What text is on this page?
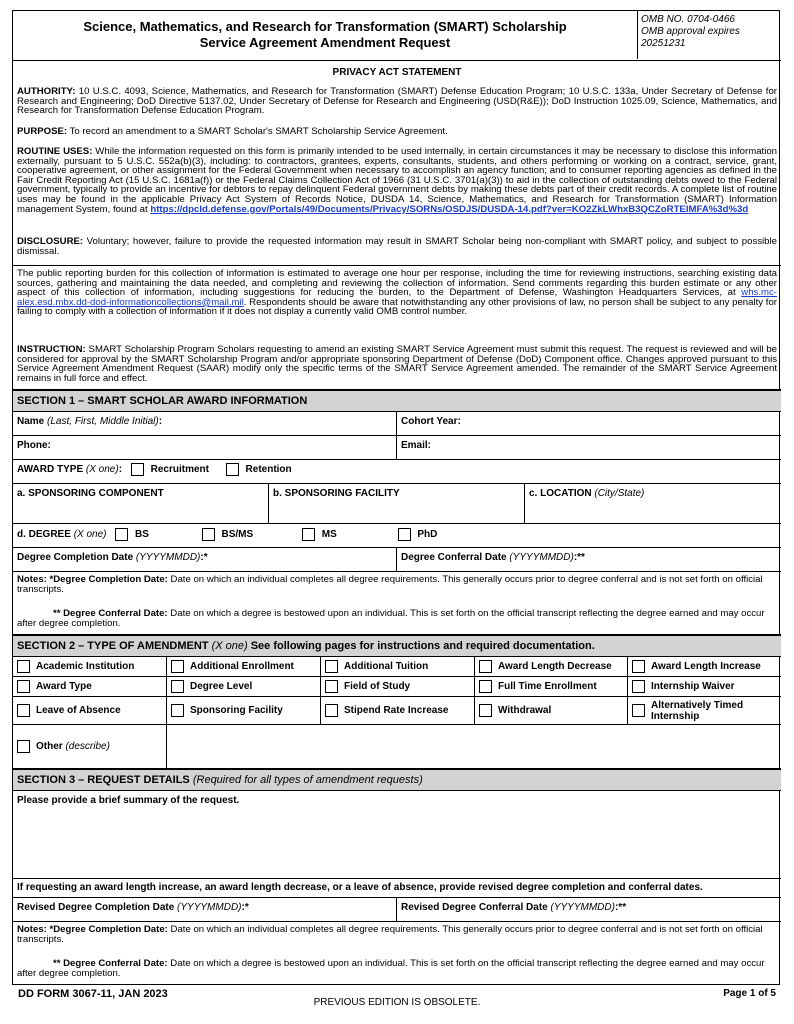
Science, Mathematics, and Research for Transformation (SMART) Scholarship
Service Agreement Amendment Request
OMB NO. 0704-0466
OMB approval expires
20251231
PRIVACY ACT STATEMENT
AUTHORITY: 10 U.S.C. 4093, Science, Mathematics, and Research for Transformation (SMART) Defense Education Program; 10 U.S.C. 133a, Under Secretary of Defense for Research and Engineering; DoD Directive 5137.02, Under Secretary of Defense for Research and Engineering (USD(R&E)); DoD Instruction 1025.09, Science, Mathematics, and Research for Transformation Defense Education Program.
PURPOSE: To record an amendment to a SMART Scholar's SMART Scholarship Service Agreement.
ROUTINE USES: While the information requested on this form is primarily intended to be used internally, in certain circumstances it may be necessary to disclose this information externally, pursuant to 5 U.S.C. 552a(b)(3), including: to contractors, grantees, experts, consultants, students, and others performing or working on a contract, service, grant, cooperative agreement, or other assignment for the Federal Government when necessary to accomplish an agency function; and to consumer reporting agencies as defined in the Fair Credit Reporting Act (15 U.S.C. 1681a(f)) or the Federal Claims Collection Act of 1966 (31 U.S.C. 3701(a)(3)) to aid in the collection of outstanding debts owed to the Federal government, typically to provide an incentive for debtors to repay delinquent Federal government debts by making these debts part of their credit records. A complete list of routine uses may be found in the applicable Privacy Act System of Records Notice, DUSDA 14, Science, Mathematics, and Research for Transformation (SMART) Information management System, found at https://dpcld.defense.gov/Portals/49/Documents/Privacy/SORNs/OSDJS/DUSDA-14.pdf?ver=KO2ZkLWhxB3QCZoRTEIMFA%3d%3d
DISCLOSURE: Voluntary; however, failure to provide the requested information may result in SMART Scholar being non-compliant with SMART policy, and subject to possible dismissal.
The public reporting burden for this collection of information is estimated to average one hour per response, including the time for reviewing instructions, searching existing data sources, gathering and maintaining the data needed, and completing and reviewing the collection of information. Send comments regarding this burden estimate or any other aspect of this collection of information, including suggestions for reducing the burden, to the Department of Defense, Washington Headquarters Services, at whs.mc-alex.esd.mbx.dd-dod-informationcollections@mail.mil. Respondents should be aware that notwithstanding any other provisions of law, no person shall be subject to any penalty for failing to comply with a collection of information if it does not display a currently valid OMB control number.
INSTRUCTION: SMART Scholarship Program Scholars requesting to amend an existing SMART Service Agreement must submit this request. The request is reviewed and will be considered for approval by the SMART Scholarship Program and/or appropriate sponsoring Department of Defense (DoD) Component office. Changes approved pursuant to this Service Agreement Amendment Request (SAAR) modify only the specific terms of the SMART Service Agreement amended. The remainder of the SMART Service Agreement remains in full force and effect.
SECTION 1 – SMART SCHOLAR AWARD INFORMATION
Name (Last, First, Middle Initial):	Cohort Year:
Phone:	Email:
AWARD TYPE (X one):	Recruitment	Retention
a. SPONSORING COMPONENT	b. SPONSORING FACILITY	c. LOCATION (City/State)
d. DEGREE (X one)	BS	BS/MS	MS	PhD
Degree Completion Date (YYYYMMDD):*	Degree Conferral Date (YYYYMMDD):**
Notes: *Degree Completion Date: Date on which an individual completes all degree requirements. This generally occurs prior to degree conferral and is not set forth on official transcripts.
** Degree Conferral Date: Date on which a degree is bestowed upon an individual. This is set forth on the official transcript reflecting the degree earned and may occur after degree completion.
SECTION 2 – TYPE OF AMENDMENT (X one) See following pages for instructions and required documentation.
Academic Institution	Additional Enrollment	Additional Tuition	Award Length Decrease	Award Length Increase
Award Type	Degree Level	Field of Study	Full Time Enrollment	Internship Waiver
Leave of Absence	Sponsoring Facility	Stipend Rate Increase	Withdrawal	Alternatively Timed Internship
Other (describe)
SECTION 3 – REQUEST DETAILS (Required for all types of amendment requests)
Please provide a brief summary of the request.
If requesting an award length increase, an award length decrease, or a leave of absence, provide revised degree completion and conferral dates.
Revised Degree Completion Date (YYYYMMDD):*	Revised Degree Conferral Date (YYYYMMDD):**
Notes: *Degree Completion Date: Date on which an individual completes all degree requirements. This generally occurs prior to degree conferral and is not set forth on official transcripts.
** Degree Conferral Date: Date on which a degree is bestowed upon an individual. This is set forth on the official transcript reflecting the degree earned and may occur after degree completion.
DD FORM 3067-11, JAN 2023
PREVIOUS EDITION IS OBSOLETE.
Page 1 of 5
